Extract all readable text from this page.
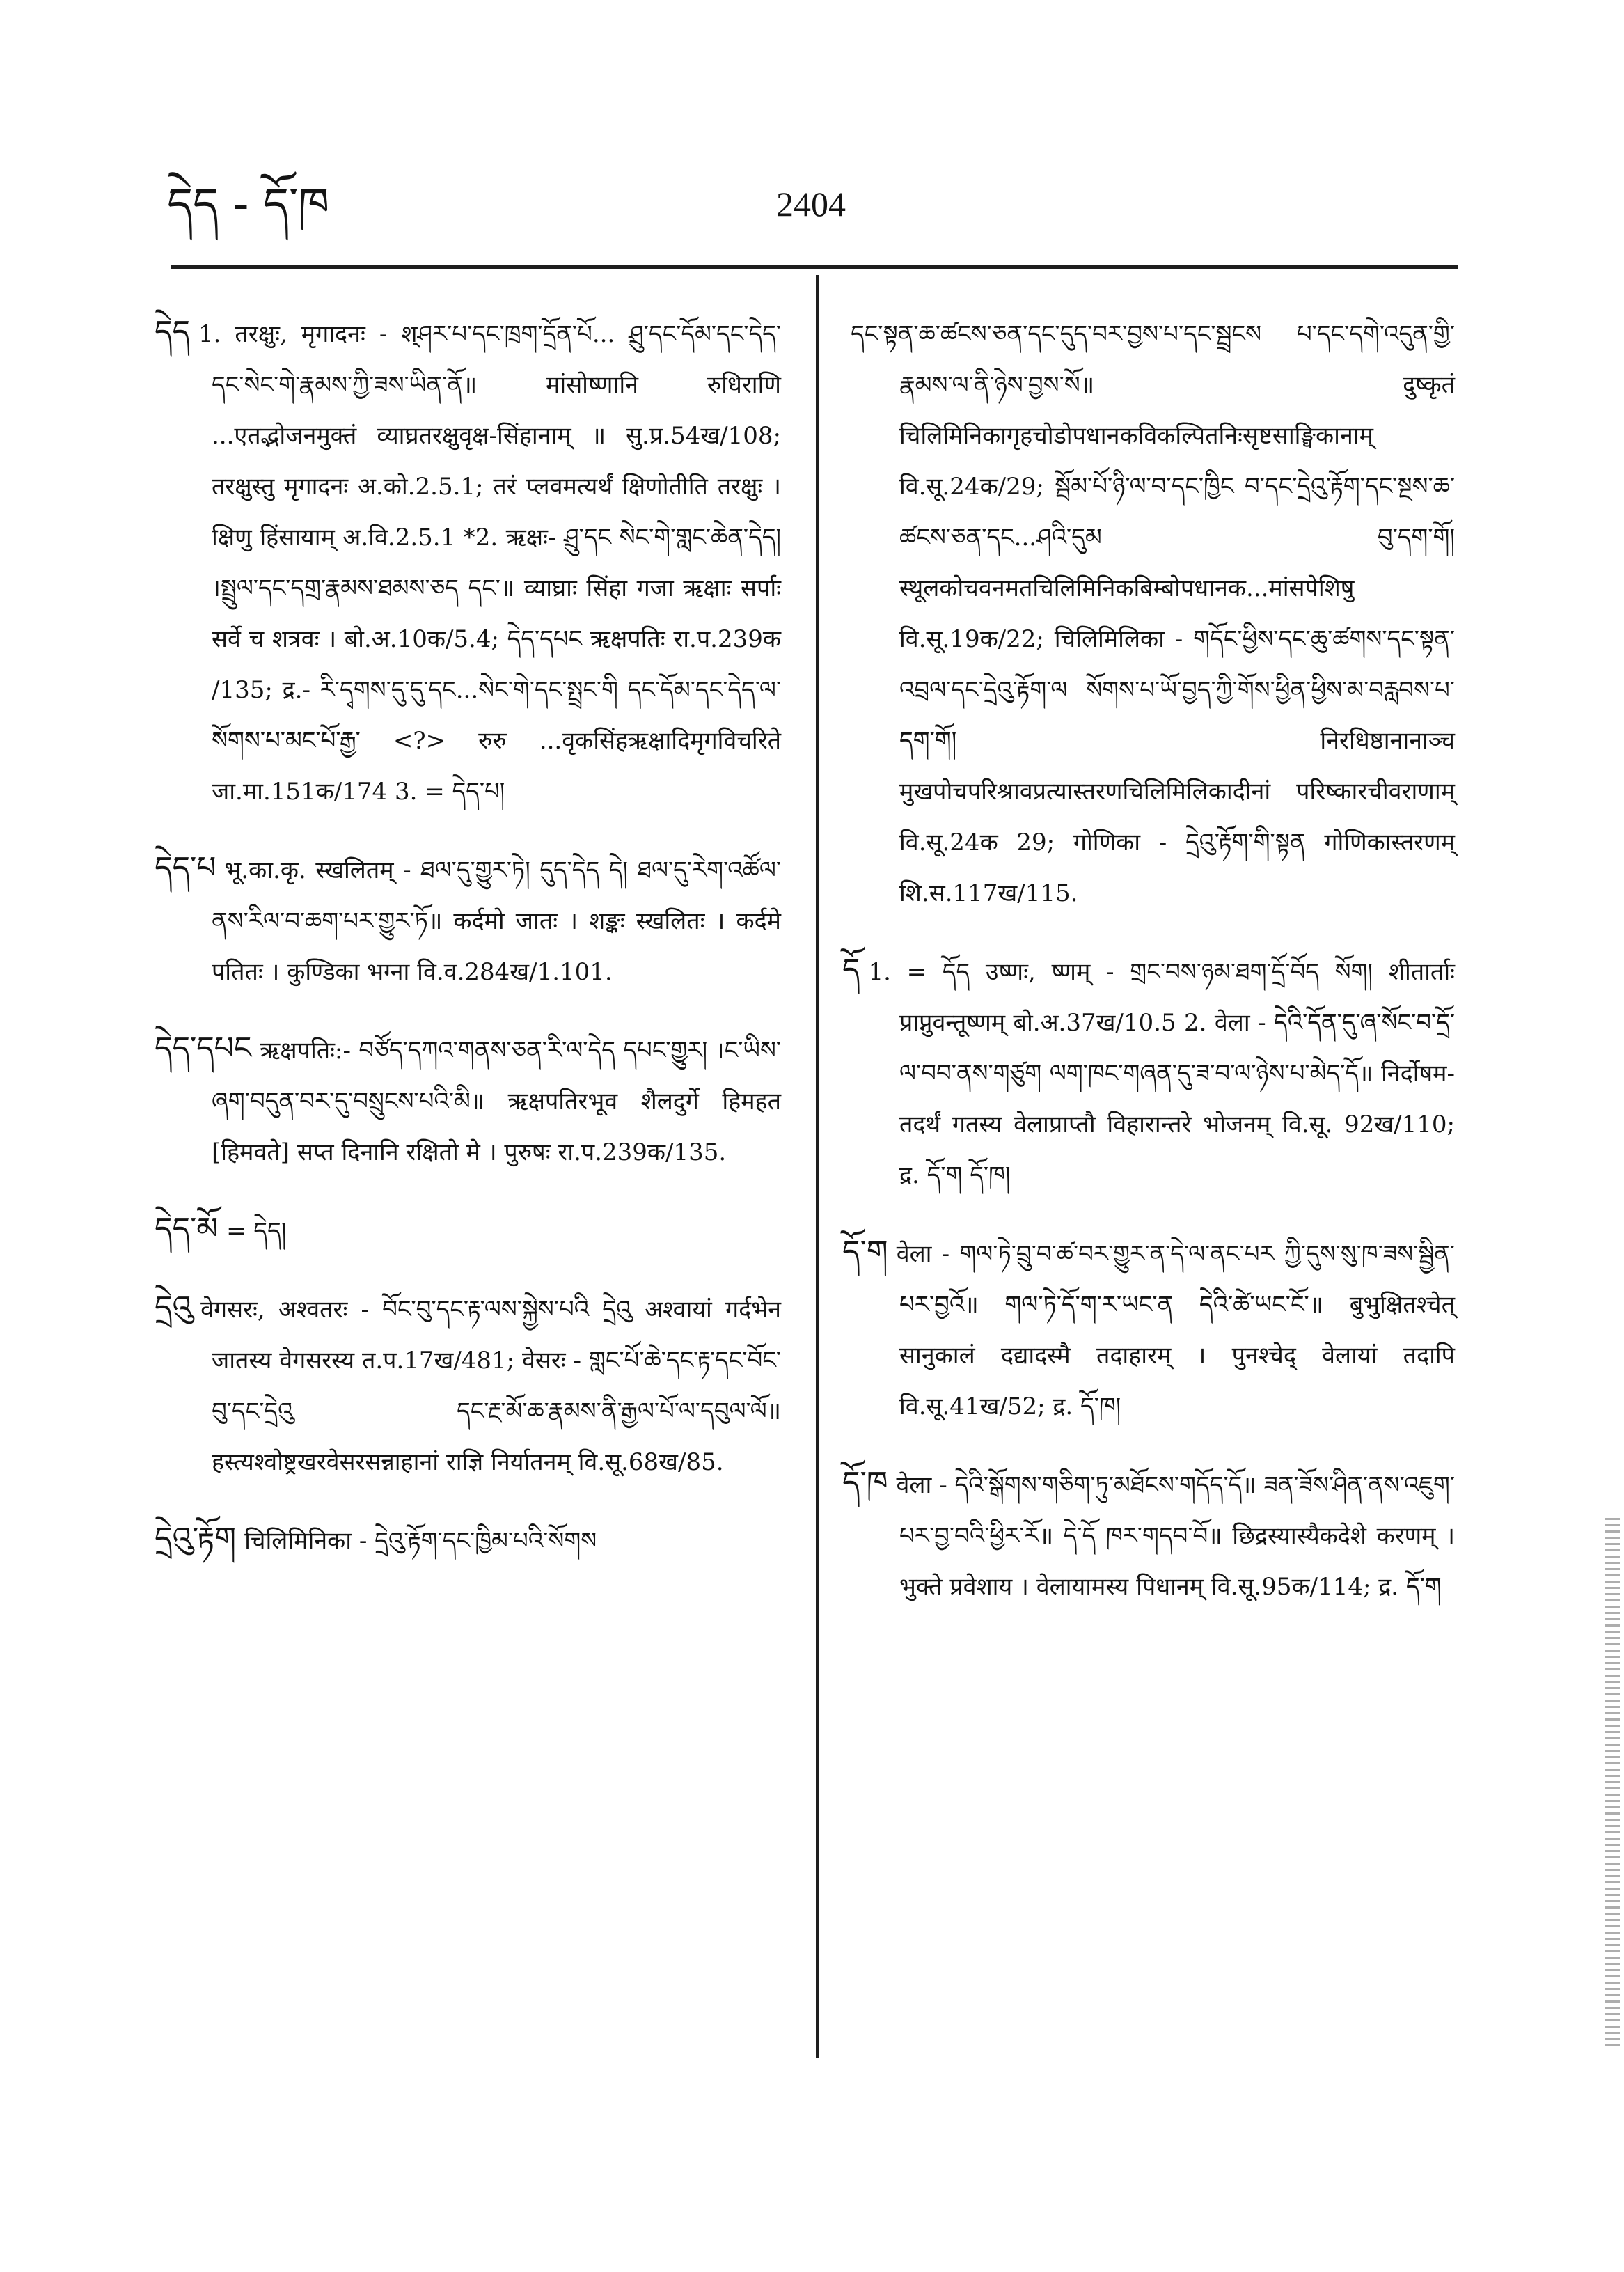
དེད - དོ་ཁ	2404

དེད 1. तरक्षुः, मृगादनः - श्‌ཤར་པ་དང་ཁྲག་དྲོན་པོ... ཤྲུ་དང་དོམ་དང་དེད་དང་སེང་གེ་རྣམས་ཀྱི་ཟས་ཡིན་ནོ॥ मांसोष्णानि रुधिराणि ...एतद्भोजनमुक्तं व्याघ्रतरक्षुवृक्ष-सिंहानाम् ॥ सु.प्र.54ख/108; तरक्षुस्तु मृगादनः अ.को.2.5.1; तरं प्लवमत्यर्थं क्षिणोतीति तरक्षुः । क्षिणु हिंसायाम् अ.वि.2.5.1 *2. ऋक्षः- ཤྲུ་དང སེང་གེ་གླང་ཆེན་དེད། ।སྤྲུལ་དང་དགྲ་རྣམས་ཐམས་ཅད དང་॥ व्याघ्राः सिंहा गजा ऋक्षाः सर्पाः सर्वे च शत्रवः । बो.अ.10क/5.4; དེད་དཔང ऋक्षपतिः रा.प.239क /135; द्र.- རི་དྭགས་དུ་དུ་དང...སེང་གེ་དང་སྤྲང་གི དང་དོམ་དང་དེད་ལ་སོགས་པ་མང་པོ་རྒྱ་ <?> रुरु ...वृकसिंहऋक्षादिमृगविचरिते जा.मा.151क/174 3. = དེད་པ།

དེད་པ भू.का.कृ. स्खलितम् - ཐལ་དུ་གྱུར་ཏེ། དུད་དེད དེ། ཐལ་དུ་རེག་འཚོལ་ནས་རིལ་བ་ཆག་པར་གྱུར་ཏོ॥ कर्दमो जातः । शङ्कः स्खलितः । कर्दमे पतितः । कुण्डिका भग्ना वि.व.284ख/1.101.

དེད་དཔང ऋक्षपतिः:- བཙོད་དཀའ་གནས་ཅན་རི་ལ་དེད དཔང་གྱུར། ।ང་ཡིས་ཞག་བདུན་བར་དུ་བསྲུངས་པའི་མི॥ ऋक्षपतिरभूव शैलदुर्गे हिमहत [हिमवते] सप्त दिनानि रक्षितो मे । पुरुषः रा.प.239क/135.

དེད་མོ = དེད།

དྲེའུ वेगसरः, अश्वतरः - བོང་བུ་དང་རྟ་ལས་སྐྱེས་པའི དྲེའུ अश्वायां गर्दभेन जातस्य वेगसरस्य त.प.17ख/481; वेसरः - གླང་པོ་ཆེ་དང་རྟ་དང་བོང་བུ་དང་དྲེའུ དང་རྔ་མོ་ཆ་རྣམས་ནི་རྒྱལ་པོ་ལ་དབུལ་ལོ॥ हस्त्यश्वोष्ट्रखरवेसरसन्नाहानां राज्ञि निर्यातनम् वि.सू.68ख/85.

དྲེའུ་རྟོག चिलिमिनिका - དྲེའུ་རྟོག་དང་ཁྱིམ་པའི་སོགས

དང་སྟན་ཆ་ཚངས་ཅན་དང་དུད་བར་བྱས་པ་དང་སྦྲངས པ་དང་དགེ་འདུན་གྱི་རྣམས་ལ་ནི་ཉེས་བྱས་སོ॥ दुष्कृतं चिलिमिनिकागृहचोडोपधानकविकल्पितनिःसृष्टसाङ्घिकानाम् वि.सू.24क/29; སྦོམ་པོ་ཉི་ལ་བ་དང་ཁྱིང བ་དང་དྲེའུ་རྟོག་དང་སྔས་ཆ་ཚངས་ཅན་དང...ཤའི་དུམ བུ་དག་གོ། स्थूलकोचवनमतचिलिमिनिकबिम्बोपधानक...मांसपेशिषु वि.सू.19क/22; चिलिमिलिका - གདོང་ཕྱིས་དང་ཆུ་ཚགས་དང་སྟན་འབྲལ་དང་དྲེའུ་རྟོག་ལ སོགས་པ་ཡོ་བྱད་ཀྱི་གོས་ཕྱིན་ཕྱིས་མ་བརླབས་པ་དག་གོ། निरधिष्ठानानाञ्च मुखपोचपरिश्रावप्रत्यास्तरणचिलिमिलिकादीनां परिष्कारचीवराणाम् वि.सू.24क 29; गोणिका - དྲེའུ་རྟོག་གི་སྟན गोणिकास्तरणम् शि.स.117ख/115.

དོ 1. = དོད उष्णः, ष्णम् - གྲང་བས་ཉམ་ཐག་དྲོ་བོད སོག། शीतार्ताः प्राप्नुवन्तूष्णम् बो.अ.37ख/10.5 2. वेला - དེའི་དོན་དུ་ཞ་སོང་བ་དྲོ་ལ་བབ་ནས་གཙུག ལག་ཁང་གཞན་དུ་ཟ་བ་ལ་ཉེས་པ་མེད་དོ॥ निर्दोषम-तदर्थं गतस्य वेलाप्राप्तौ विहारान्तरे भोजनम् वि.सू. 92ख/110; द्र. དོ་ག དོ་ཁ།

དོ་ག वेला - གལ་ཏེ་བྲུ་བ་ཚ་བར་གྱུར་ན་དེ་ལ་ནང་པར ཀྱི་དུས་སུ་ཁ་ཟས་སྦྱིན་པར་བྱའོ॥ གལ་ཏེ་དོ་ག་ར་ཡང་ན དེའི་ཚེ་ཡང་ངོ་॥ बुभुक्षितश्चेत् सानुकालं दद्यादस्मै तदाहारम् । पुनश्चेद् वेलायां तदापि वि.सू.41ख/52; द्र. དོ་ཁ།

དོ་ཁ वेला - དེའི་སྒོགས་གཅིག་ཏུ་མཐོངས་གདོད་དོ॥ ཟན་ཟོས་ཤིན་ནས་འཇུག་པར་བྱ་བའི་ཕྱིར་རོ॥ དེ་དོ ཁར་གདབ་བོ॥ छिद्रस्यास्यैकदेशे करणम् । भुक्ते प्रवेशाय । वेलायामस्य पिधानम् वि.सू.95क/114; द्र. དོ་ག
